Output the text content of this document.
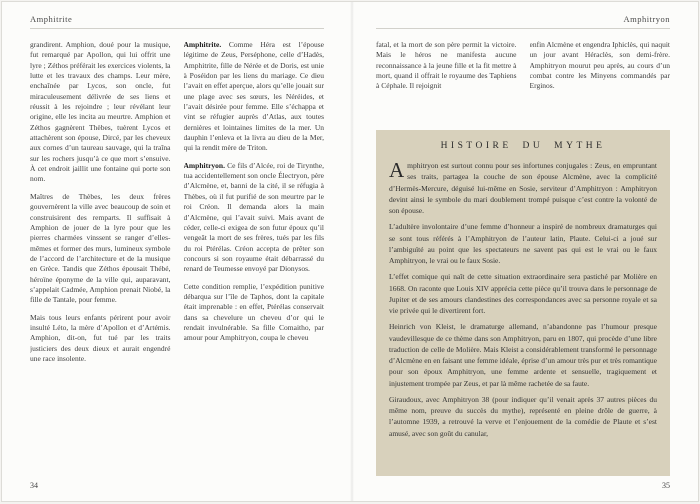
Amphitrite

grandirent. Amphion, doué pour la musique, fut remarqué par Apollon, qui lui offrit une lyre ; Zéthos préférait les exercices violents, la lutte et les travaux des champs. Leur mère, enchaînée par Lycos, son oncle, fut miraculeusement délivrée de ses liens et réussit à les rejoindre ; leur révélant leur origine, elle les incita au meurtre. Amphion et Zéthos gagnèrent Thèbes, tuèrent Lycos et attachèrent son épouse, Dircé, par les cheveux aux cornes d’un taureau sauvage, qui la traîna sur les rochers jusqu’à ce que mort s’ensuive. À cet endroit jaillit une fontaine qui porte son nom.

Maîtres de Thèbes, les deux frères gouvernèrent la ville avec beaucoup de soin et construisirent des remparts. Il suffisait à Amphion de jouer de la lyre pour que les pierres charmées vinssent se ranger d’elles-mêmes et former des murs, lumineux symbole de l’accord de l’architecture et de la musique en Grèce. Tandis que Zéthos épousait Thébé, héroïne éponyme de la ville qui, auparavant, s’appelait Cadmée, Amphion prenait Niobé, la fille de Tantale, pour femme.

Mais tous leurs enfants périrent pour avoir insulté Léto, la mère d’Apollon et d’Artémis. Amphion, dit-on, fut tué par les traits justiciers des deux dieux et aurait engendré une race insolente.

Amphitrite. Comme Héra est l’épouse légitime de Zeus, Perséphone, celle d’Hadès, Amphitrite, fille de Nérée et de Doris, est unie à Poséidon par les liens du mariage. Ce dieu l’avait en effet aperçue, alors qu’elle jouait sur une plage avec ses sœurs, les Néréides, et l’avait désirée pour femme. Elle s’échappa et vint se réfugier auprès d’Atlas, aux toutes dernières et lointaines limites de la mer. Un dauphin l’enleva et la livra au dieu de la Mer, qui la rendit mère de Triton.

Amphitryon. Ce fils d’Alcée, roi de Tirynthe, tua accidentellement son oncle Électryon, père d’Alcmène, et, banni de la cité, il se réfugia à Thèbes, où il fut purifié de son meurtre par le roi Créon. Il demanda alors la main d’Alcmène, qui l’avait suivi. Mais avant de céder, celle-ci exigea de son futur époux qu’il vengeât la mort de ses frères, tués par les fils du roi Ptérélas. Créon accepta de prêter son concours si son royaume était débarrassé du renard de Teumesse envoyé par Dionysos.

Cette condition remplie, l’expédition punitive débarqua sur l’île de Taphos, dont la capitale était imprenable : en effet, Ptérélas conservait dans sa chevelure un cheveu d’or qui le rendait invulnérable. Sa fille Comaitho, par amour pour Amphitryon, coupa le cheveu

34
Amphitryon

fatal, et la mort de son père permit la victoire. Mais le héros ne manifesta aucune reconnaissance à la jeune fille et la fit mettre à mort, quand il offrait le royaume des Taphiens à Céphale. Il rejoignit

enfin Alcmène et engendra Iphiclès, qui naquit un jour avant Héraclès, son demi-frère. Amphitryon mourut peu après, au cours d’un combat contre les Minyens commandés par Erginos.

HISTOIRE DU MYTHE

Amphitryon est surtout connu pour ses infortunes conjugales : Zeus, en empruntant ses traits, partagea la couche de son épouse Alcmène, avec la complicité d’Hermès-Mercure, déguisé lui-même en Sosie, serviteur d’Amphitryon : Amphitryon devint ainsi le symbole du mari doublement trompé puisque c’est contre la volonté de son épouse.

L’adultère involontaire d’une femme d’honneur a inspiré de nombreux dramaturges qui se sont tous référés à l’Amphitryon de l’auteur latin, Plaute. Celui-ci a joué sur l’ambiguïté au point que les spectateurs ne savent pas qui est le vrai ou le faux Amphitryon, le vrai ou le faux Sosie.

L’effet comique qui naît de cette situation extraordinaire sera pastiché par Molière en 1668. On raconte que Louis XIV apprécia cette pièce qu’il trouva dans le personnage de Jupiter et de ses amours clandestines des correspondances avec sa personne royale et sa vie privée qui le divertirent fort.

Heinrich von Kleist, le dramaturge allemand, n’abandonne pas l’humour presque vaudevillesque de ce thème dans son Amphitryon, paru en 1807, qui procède d’une libre traduction de celle de Molière. Mais Kleist a considérablement transformé le personnage d’Alcmène en en faisant une femme idéale, éprise d’un amour très pur et très romantique pour son époux Amphitryon, une femme ardente et sensuelle, tragiquement et injustement trompée par Zeus, et par là même rachetée de sa faute.

Giraudoux, avec Amphitryon 38 (pour indiquer qu’il venait après 37 autres pièces du même nom, preuve du succès du mythe), représenté en pleine drôle de guerre, à l’automne 1939, a retrouvé la verve et l’enjouement de la comédie de Plaute et s’est amusé, avec son goût du canular,

35
